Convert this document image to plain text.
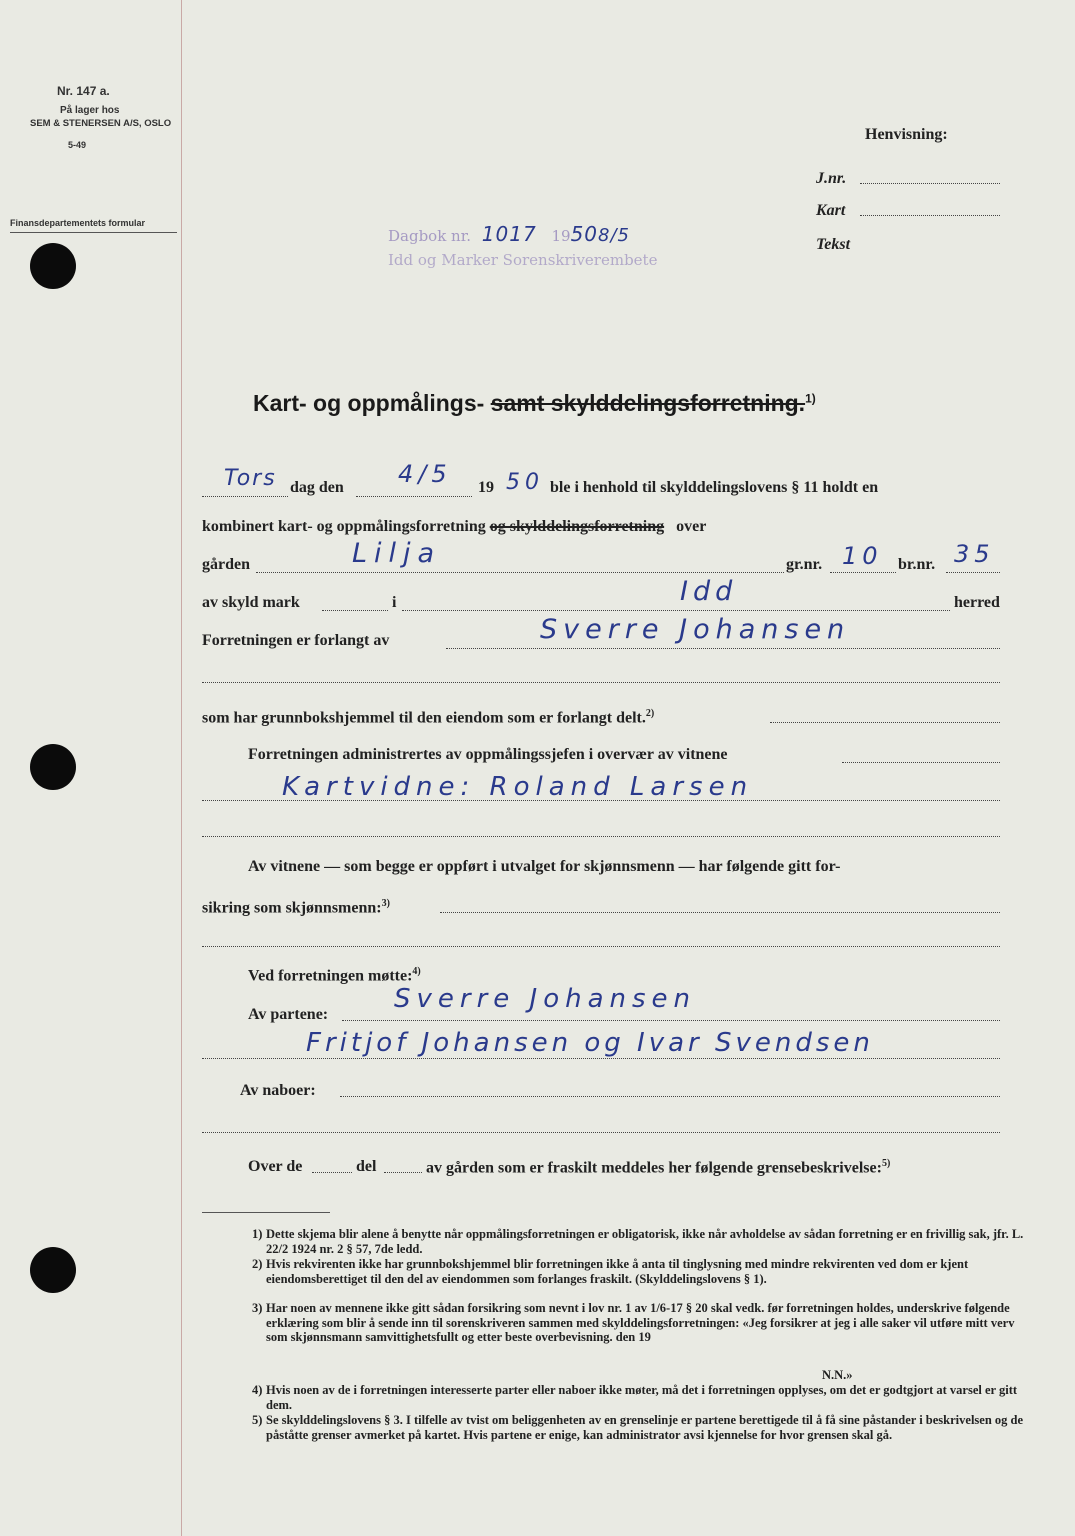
Nr. 147 a.
På lager hos
SEM & STENERSEN A/S, OSLO
5-49
Finansdepartementets formular
Dagbok nr. 1017 19508/5
Idd og Marker Sorenskriverembete
Henvisning:
J.nr.
Kart
Tekst
Kart- og oppmålings- samt skylddelingsforretning.$^{1)}$
Tors dag den 4/5 19 50 ble i henhold til skylddelingslovens § 11 holdt en
kombinert kart- og oppmålingsforretning og skylddelingsforretning over
gården	Lilja	gr.nr. 10 br.nr. 35
av skyld mark	i	Idd	herred
Forretningen er forlangt av	Sverre Johansen
som har grunnbokshjemmel til den eiendom som er forlangt delt.$^{2)}$
Forretningen administrertes av oppmålingssjefen i overvær av vitnene
Kartvidne: Roland Larsen
Av vitnene — som begge er oppført i utvalget for skjønnsmenn — har følgende gitt for-
sikring som skjønnsmenn:$^{3)}$
Ved forretningen møtte:$^{4)}$
Av partene:
Sverre Johansen
Fritjof Johansen og Ivar Svendsen
Av naboer:
Over de	del	av gården som er fraskilt meddeles her følgende grensebeskrivelse:$^{5)}$
1) Dette skjema blir alene å benytte når oppmålingsforretningen er obligatorisk, ikke når avholdelse av sådan forretning er en frivillig sak, jfr. L. 22/2 1924 nr. 2 § 57, 7de ledd.
2) Hvis rekvirenten ikke har grunnbokshjemmel blir forretningen ikke å anta til tinglysning med mindre rekvirenten ved dom er kjent eiendomsberettiget til den del av eiendommen som forlanges fraskilt. (Skylddelingslovens § 1).
3) Har noen av mennene ikke gitt sådan forsikring som nevnt i lov nr. 1 av 1/6-17 § 20 skal vedk. før forretningen holdes, underskrive følgende erklæring som blir å sende inn til sorenskriveren sammen med skylddelingsforretningen: «Jeg forsikrer at jeg i alle saker vil utføre mitt verv som skjønnsmann samvittighetsfullt og etter beste overbevisning. den 19
N.N.»
4) Hvis noen av de i forretningen interesserte parter eller naboer ikke møter, må det i forretningen opplyses, om det er godtgjort at varsel er gitt dem.
5) Se skylddelingslovens § 3. I tilfelle av tvist om beliggenheten av en grenselinje er partene berettigede til å få sine påstander i beskrivelsen og de påståtte grenser avmerket på kartet. Hvis partene er enige, kan administrator avsi kjennelse for hvor grensen skal gå.
